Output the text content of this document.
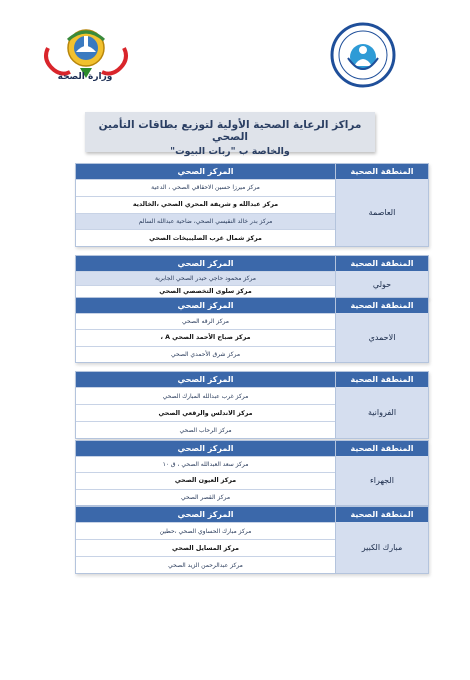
وزارة الصحة
مراكز الرعاية الصحية الأولية لتوزيع بطاقات التأمين الصحي
والخاصة ب "ربات البيوت"
المركز الصحي
مركز ميرزا حسين الاحقاقي الصحي ، الدعية
مركز عبدالله و شريفة المحري الصحي ،الخالدية
مركز بدر خالد النقيسي الصحي، ضاحية عبدالله السالم
مركز شمال غرب الصليبيخات الصحي
المنطقة الصحية
العاصمة
المركز الصحي
مركز محمود حاجي حيدر الصحي الجابرية
مركز سلوى التخصصي الصحي
المنطقة الصحية
حولي
المركز الصحي
مركز الرقه الصحي
مركز صباح الأحمد الصحي A ،
مركز شرق الأحمدي الصحي
المنطقة الصحية
الاحمدي
المركز الصحي
مركز غرب عبدالله المبارك الصحي
مركز الاندلس والرقعي الصحي
مركز الرحاب الصحي
المنطقة الصحية
الفروانية
المركز الصحي
مركز سعد العبدالله الصحي ، ق ١٠
مركز العيون الصحي
مركز القصر الصحي
المنطقة الصحية
الجهراء
المركز الصحي
مركز مبارك الحساوي الصحي ،حطين
مركز المسايل الصحي
مركز عبدالرحمن الزيد الصحي
المنطقة الصحية
مبارك الكبير
